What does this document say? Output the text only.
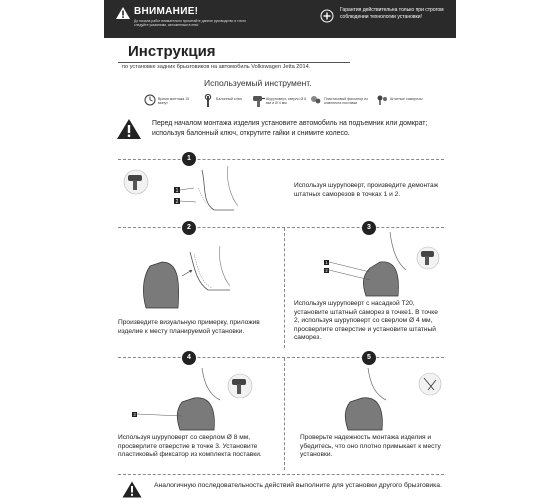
ВНИМАНИЕ!
До начала работ внимательно прочитайте данное руководство и точно следуйте указаниям, изложенным в нем!
Гарантия действительна только при строгом соблюдении технологии установки!
Инструкция
по установке задних брызговиков на автомобиль Volkswagen Jetta 2014.
Используемый инструмент.
Время монтажа 15 минут
Балонный ключ	Шуруповерт, сверло Ø 8 мм и Ø 4 мм
Пластиковый фиксатор из комплекта поставки
Штатные саморезы
Перед началом монтажа изделия установите автомобиль на подъемник или домкрат; используя балонный ключ, открутите гайки и снимите колесо.
1
1
2
Используя шуруповерт, произведите демонтаж штатных саморезов в точках 1 и 2.
2	3
Произведите визуальную примерку, приложив изделие к месту планируемой установки.
1
2
Используя шуруповерт с насадкой Т20, установите штатный саморез в точке1. В точке 2, используя шуруповерт со сверлом Ø 4 мм, просверлите отверстие и установите штатный саморез.
4	5
3
Используя шуруповерт со сверлом Ø 8 мм, просверлите отверстие в точке 3. Установите пластиковый фиксатор из комплекта поставки.
Проверьте надежность монтажа изделия и убедитесь, что оно плотно примыкает к месту установки.
Аналогичную последовательность действий выполните для установки другого брызговика.
